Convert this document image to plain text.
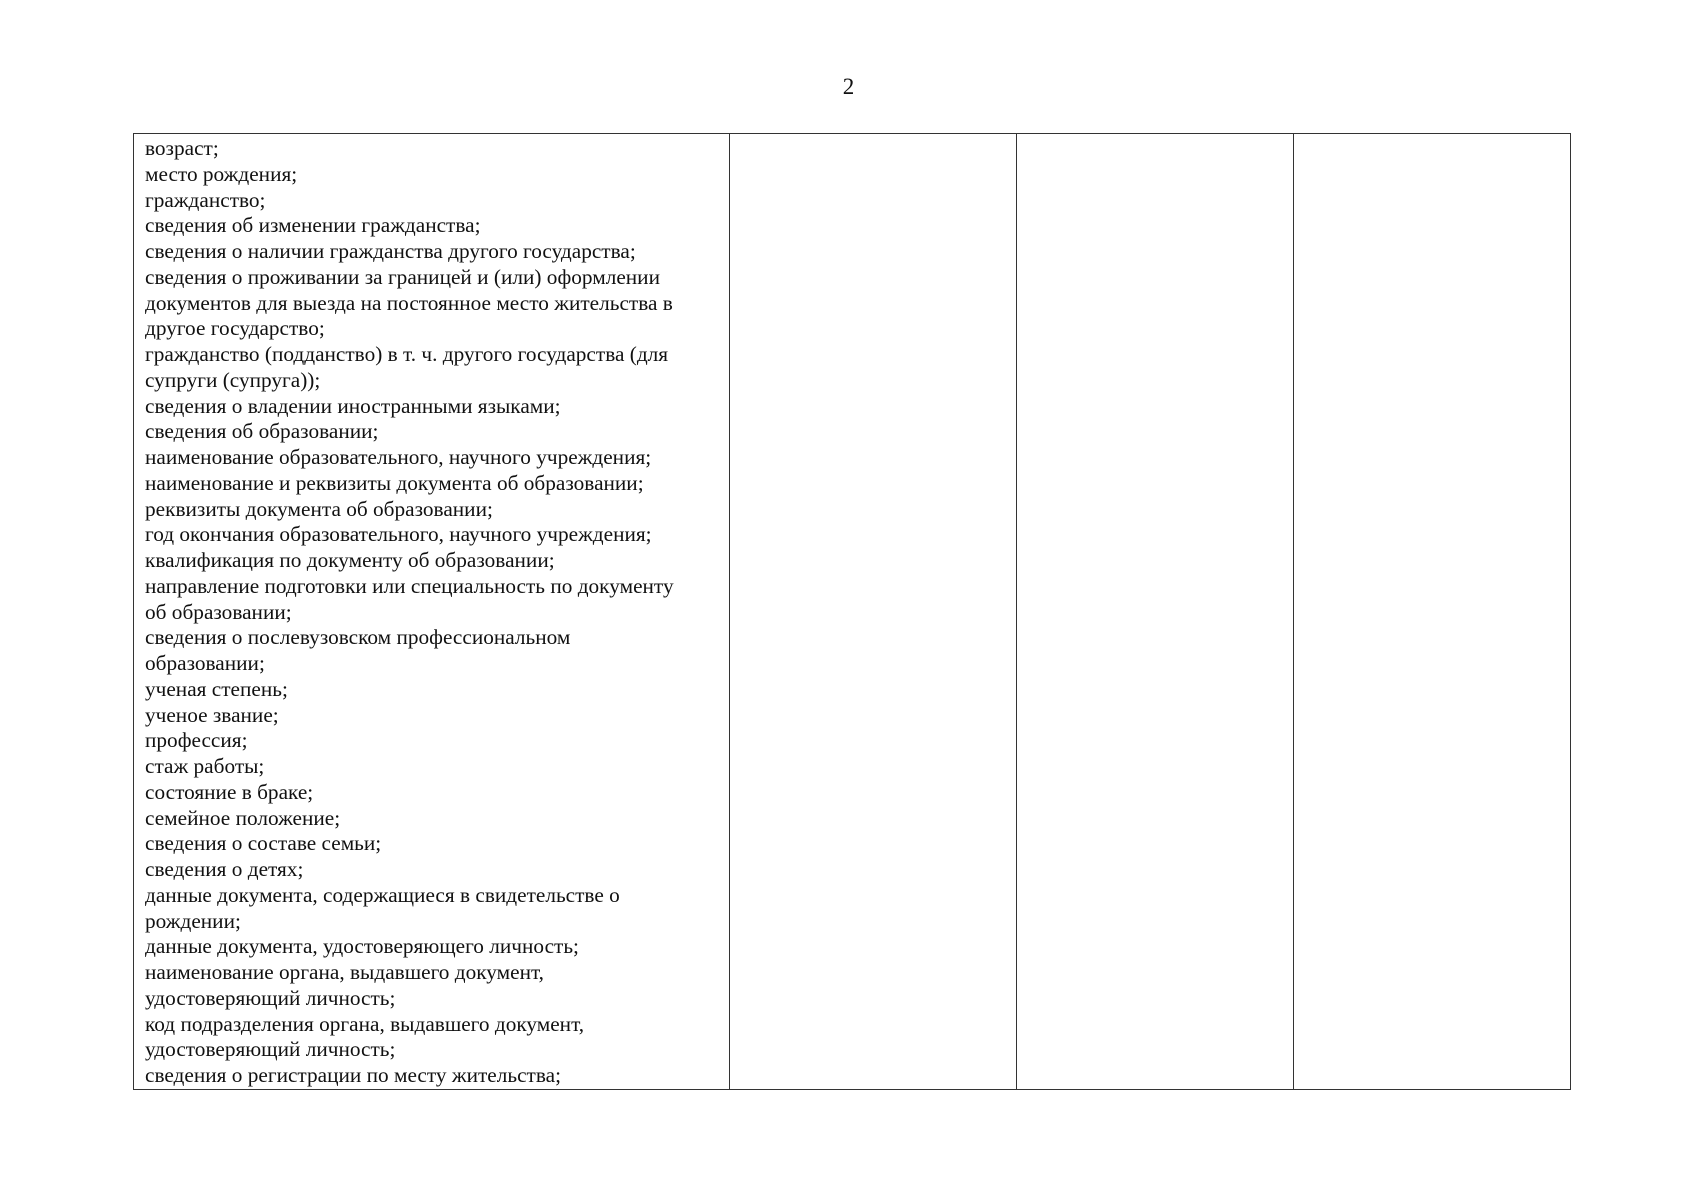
2
возраст;
место рождения;
гражданство;
сведения об изменении гражданства;
сведения о наличии гражданства другого государства;
сведения о проживании за границей и (или) оформлении
документов для выезда на постоянное место жительства в
другое государство;
гражданство (подданство) в т. ч. другого государства (для
супруги (супруга));
сведения о владении иностранными языками;
сведения об образовании;
наименование образовательного, научного учреждения;
наименование и реквизиты документа об образовании;
реквизиты документа об образовании;
год окончания образовательного, научного учреждения;
квалификация по документу об образовании;
направление подготовки или специальность по документу
об образовании;
сведения о послевузовском профессиональном
образовании;
ученая степень;
ученое звание;
профессия;
стаж работы;
состояние в браке;
семейное положение;
сведения о составе семьи;
сведения о детях;
данные документа, содержащиеся в свидетельстве о
рождении;
данные документа, удостоверяющего личность;
наименование органа, выдавшего документ,
удостоверяющий личность;
код подразделения органа, выдавшего документ,
удостоверяющий личность;
сведения о регистрации по месту жительства;
